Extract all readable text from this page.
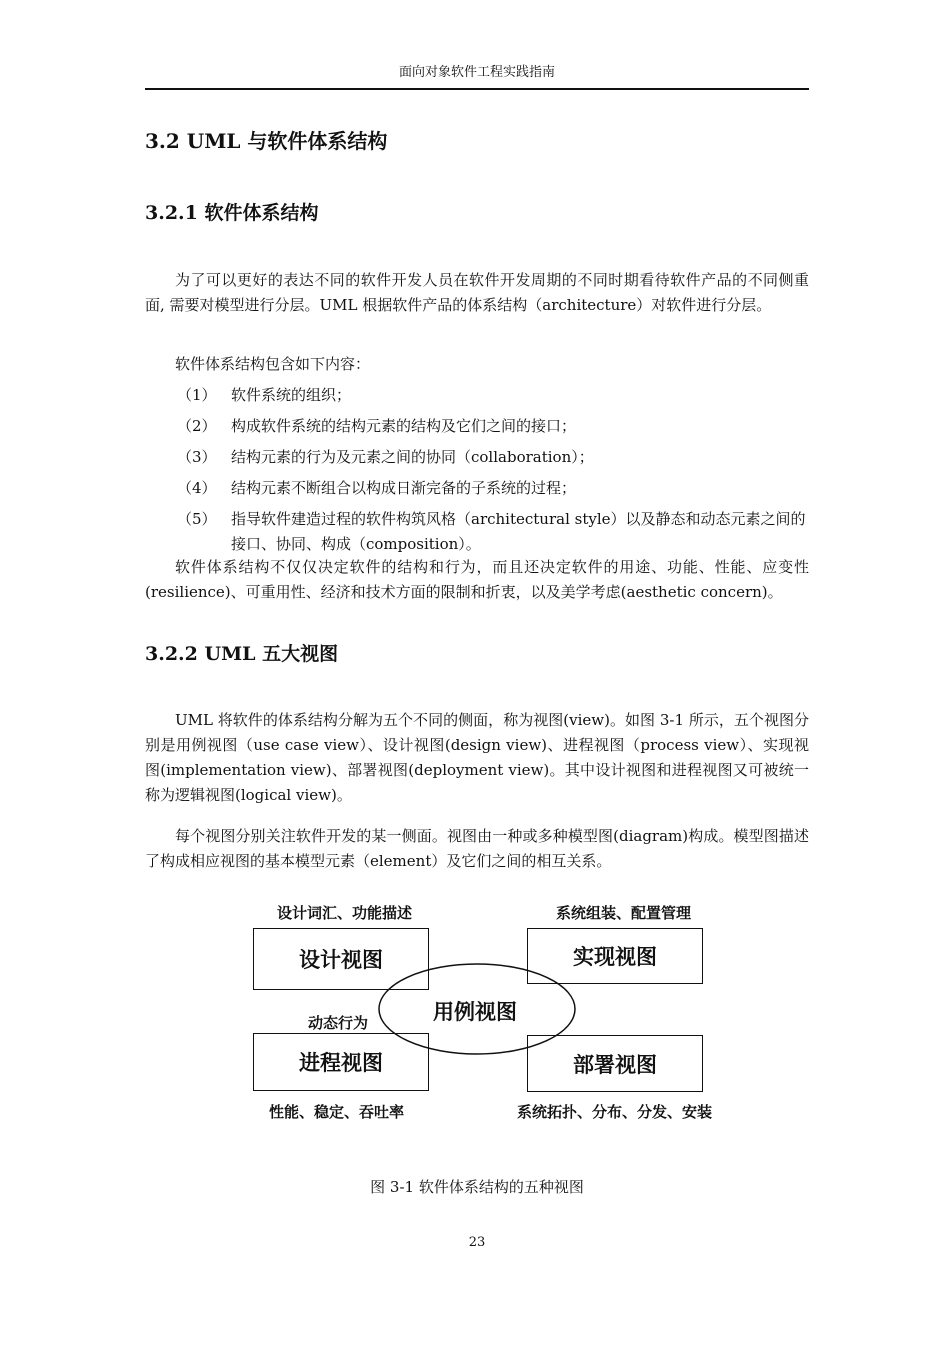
面向对象软件工程实践指南
3.2 UML 与软件体系结构
3.2.1 软件体系结构

为了可以更好的表达不同的软件开发人员在软件开发周期的不同时期看待软件产品的不同侧重面, 需要对模型进行分层。UML 根据软件产品的体系结构（architecture）对软件进行分层。

软件体系结构包含如下内容：

（1） 软件系统的组织；
（2） 构成软件系统的结构元素的结构及它们之间的接口；
（3） 结构元素的行为及元素之间的协同（collaboration）；
（4） 结构元素不断组合以构成日渐完备的子系统的过程；
（5） 指导软件建造过程的软件构筑风格（architectural style）以及静态和动态元素之间的接口、协同、构成（composition）。

软件体系结构不仅仅决定软件的结构和行为，而且还决定软件的用途、功能、性能、应变性(resilience)、可重用性、经济和技术方面的限制和折衷，以及美学考虑(aesthetic concern)。

3.2.2 UML 五大视图

UML 将软件的体系结构分解为五个不同的侧面，称为视图(view)。如图 3-1 所示，五个视图分别是用例视图（use case view）、设计视图(design view)、进程视图（process view）、实现视图(implementation view)、部署视图(deployment view)。其中设计视图和进程视图又可被统一称为逻辑视图(logical view)。

每个视图分别关注软件开发的某一侧面。视图由一种或多种模型图(diagram)构成。模型图描述了构成相应视图的基本模型元素（element）及它们之间的相互关系。

设计词汇、功能描述	系统组装、配置管理
设计视图	实现视图
动态行为	用例视图
进程视图	部署视图
性能、稳定、吞吐率	系统拓扑、分布、分发、安装
图 3-1 软件体系结构的五种视图
23
